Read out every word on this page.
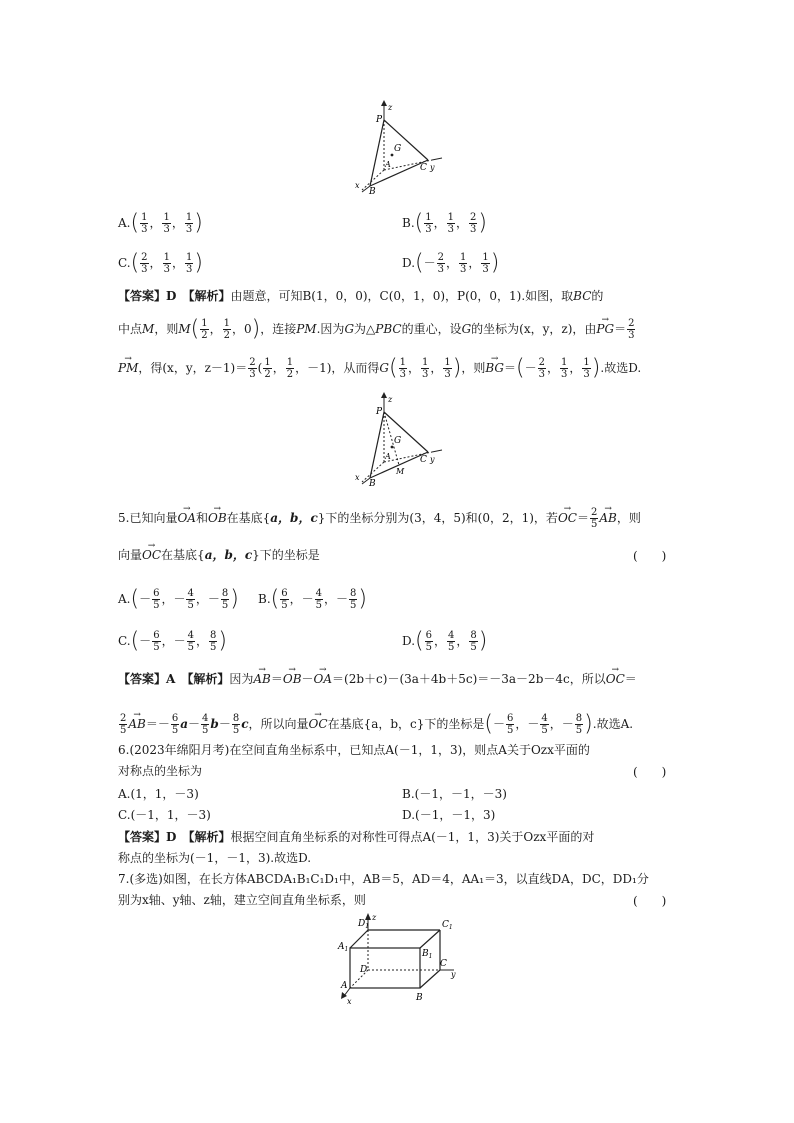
z
P
G
A	C y
x
B
$A.( \frac{1}{3}$ ， $\frac{1}{3}$ ， $\frac{1}{3}$ )	$B.( \frac{1}{3}$ ， $\frac{1}{3}$ ， $\frac{2}{3}$ )
$C.( \frac{2}{3}$ ， $\frac{1}{3}$ ， $\frac{1}{3}$ )	$D.(- \frac{2}{3}$ ， $\frac{1}{3}$ ， $\frac{1}{3}$ )
【答案】D　 【解析】由题意，可知B(1，0，0)，C(0，1，0)，P(0，0，1).如图，取BC的
中点M，则$M( \frac{1}{2}$ ， $\frac{1}{2}$ ，0)，连接PM.因为G为△PBC的重心，设G的坐标为(x，y，z)，由→ $PG= \frac{2}{3}$
→ PM，得(x，y，$z-1)= \frac{2}{3}$ ( $\frac{1}{2}$ ， $\frac{1}{2}$ ，－1)，从而得$G( \frac{1}{3}$ ， $\frac{1}{3}$ ， $\frac{1}{3}$ )，则→ $BG=(- \frac{2}{3}$ ， $\frac{1}{3}$ ， $\frac{1}{3}$ ).故选D.
z
P
G
A
M
C y
x
B
5.已知向量→ OA和→ OB在基底{a，b，c}下的坐标分别为(3，4，5)和(0，2，1)，若→ $OC= \frac{2}{5}$
→ AB，则
向量→ OC在基底{a，b，c}下的坐标是	(　　)
$A.(- \frac{6}{5}$ ，－ $\frac{4}{5}$ ，－ $\frac{8}{5}$ ) $B.( \frac{6}{5}$ ，－ $\frac{4}{5}$ ，－ $\frac{8}{5}$ )
$C.(- \frac{6}{5}$ ，－ $\frac{4}{5}$ ， $\frac{8}{5}$ )	$D.( \frac{6}{5}$ ， $\frac{4}{5}$ ， $\frac{8}{5}$ )
【答案】A　 【解析】因为→ AB＝→ OB－→ OA＝(2b＋c)－(3a＋4b＋5c)＝－3a－2b－4c，所以→ OC＝
$\frac{2}{5}$
→ $AB=- \frac{6}{5} a- \frac{4}{5} b- \frac{8}{5}$ c，所以向量→ OC在基底{a，b，c}下的坐标是(－ $\frac{6}{5}$ ，－ $\frac{4}{5}$ ，－ $\frac{8}{5}$ ).故选A.
6.(2023年绵阳月考)在空间直角坐标系中，已知点A(－1，1，3)，则点A关于Ozx平面的
对称点的坐标为	(　　)
A.(1，1，－3)	B.(－1，－1，－3)
C.(－1，1，－3)	D.(－1，－1，3)
【答案】D　 【解析】根据空间直角坐标系的对称性可得点A(－1，1，3)关于Ozx平面的对
称点的坐标为(－1，－1，3).故选D.
7.(多选)如图，在长方体ABCDA₁B₁C₁D₁中，AB＝5，AD＝4，AA₁＝3，以直线DA，DC，DD₁分
别为x轴、y轴、z轴，建立空间直角坐标系，则	(　　)
$D_1$
z
$C_1$
$A_1$	$B_1$
D
C
y
A
x	B
